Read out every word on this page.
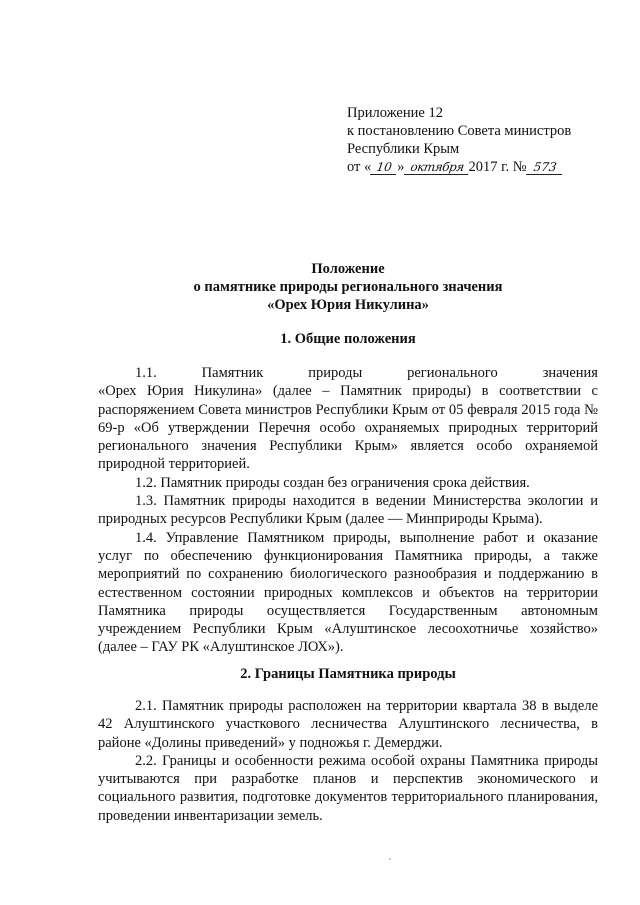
Приложение 12
к постановлению Совета министров
Республики Крым
от « 10 » октября 2017 г. № 573
Положение
о памятнике природы регионального значения
«Орех Юрия Никулина»
1. Общие положения

1.1.	Памятник	природы	регионального	значения
«Орех Юрия Никулина» (далее – Памятник природы) в соответствии с распоряжением Совета министров Республики Крым от 05 февраля 2015 года № 69-р «Об утверждении Перечня особо охраняемых природных территорий регионального значения Республики Крым» является особо охраняемой природной территорией.

1.2. Памятник природы создан без ограничения срока действия.

1.3. Памятник природы находится в ведении Министерства экологии и природных ресурсов Республики Крым (далее — Минприроды Крыма).

1.4. Управление Памятником природы, выполнение работ и оказание услуг по обеспечению функционирования Памятника природы, а также мероприятий по сохранению биологического разнообразия и поддержанию в естественном состоянии природных комплексов и объектов на территории Памятника природы осуществляется Государственным автономным учреждением Республики Крым «Алуштинское лесоохотничье хозяйство» (далее – ГАУ РК «Алуштинское ЛОХ»).

2. Границы Памятника природы

2.1. Памятник природы расположен на территории квартала 38 в выделе 42 Алуштинского участкового лесничества Алуштинского лесничества, в районе «Долины приведений» у подножья г. Демерджи.

2.2. Границы и особенности режима особой охраны Памятника природы учитываются при разработке планов и перспектив экономического и социального развития, подготовке документов территориального планирования, проведении инвентаризации земель.
